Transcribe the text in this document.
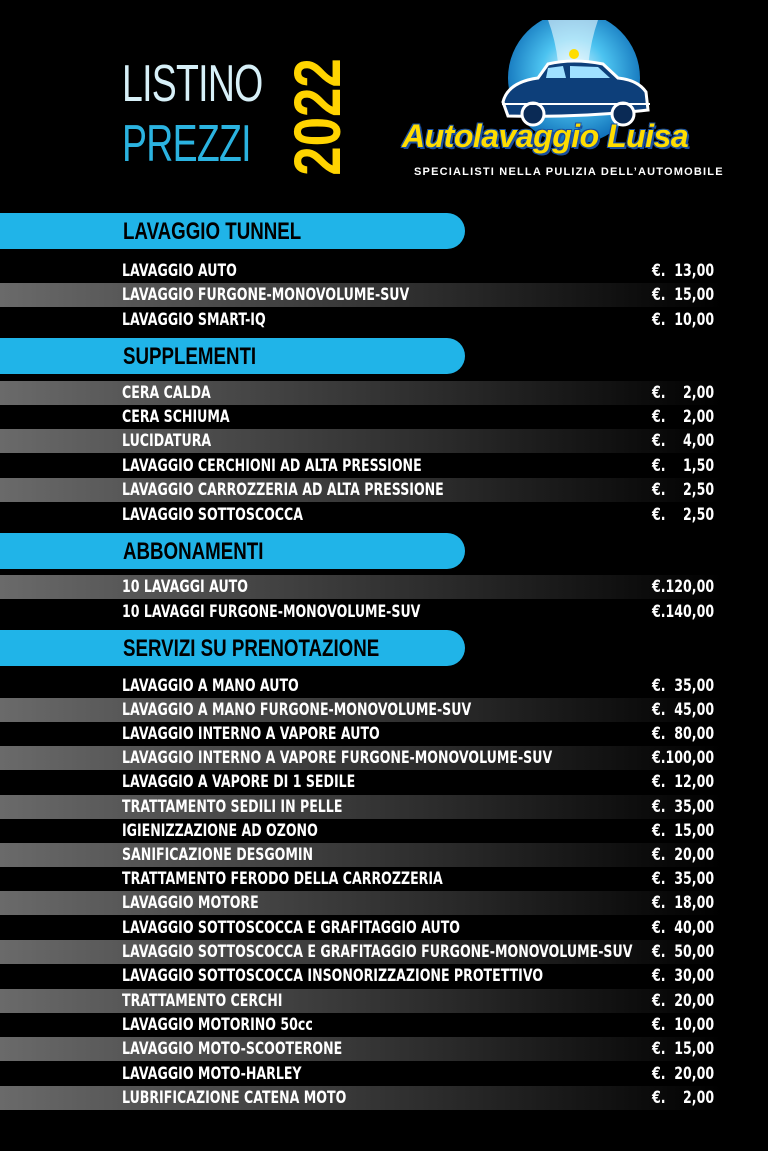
LISTINO
PREZZI 2022 Autolavaggio Luisa
SPECIALISTI NELLA PULIZIA DELL’AUTOMOBILE
LAVAGGIO TUNNEL
LAVAGGIO AUTO	€.  13,00
LAVAGGIO FURGONE-MONOVOLUME-SUV	€.  15,00
LAVAGGIO SMART-IQ	€.  10,00
SUPPLEMENTI
CERA CALDA	€.    2,00
CERA SCHIUMA	€.    2,00
LUCIDATURA	€.    4,00
LAVAGGIO CERCHIONI AD ALTA PRESSIONE	€.    1,50
LAVAGGIO CARROZZERIA AD ALTA PRESSIONE	€.    2,50
LAVAGGIO SOTTOSCOCCA	€.    2,50
ABBONAMENTI
10 LAVAGGI AUTO	€.120,00
10 LAVAGGI FURGONE-MONOVOLUME-SUV	€.140,00
SERVIZI SU PRENOTAZIONE
LAVAGGIO A MANO AUTO	€.  35,00
LAVAGGIO A MANO FURGONE-MONOVOLUME-SUV	€.  45,00
LAVAGGIO INTERNO A VAPORE AUTO	€.  80,00
LAVAGGIO INTERNO A VAPORE FURGONE-MONOVOLUME-SUV	€.100,00
LAVAGGIO A VAPORE DI 1 SEDILE	€.  12,00
TRATTAMENTO SEDILI IN PELLE	€.  35,00
IGIENIZZAZIONE AD OZONO	€.  15,00
SANIFICAZIONE DESGOMIN	€.  20,00
TRATTAMENTO FERODO DELLA CARROZZERIA	€.  35,00
LAVAGGIO MOTORE	€.  18,00
LAVAGGIO SOTTOSCOCCA E GRAFITAGGIO AUTO	€.  40,00
LAVAGGIO SOTTOSCOCCA E GRAFITAGGIO FURGONE-MONOVOLUME-SUV €.  50,00
LAVAGGIO SOTTOSCOCCA INSONORIZZAZIONE PROTETTIVO	€.  30,00
TRATTAMENTO CERCHI	€.  20,00
LAVAGGIO MOTORINO 50cc	€.  10,00
LAVAGGIO MOTO-SCOOTERONE	€.  15,00
LAVAGGIO MOTO-HARLEY	€.  20,00
LUBRIFICAZIONE CATENA MOTO	€.    2,00
